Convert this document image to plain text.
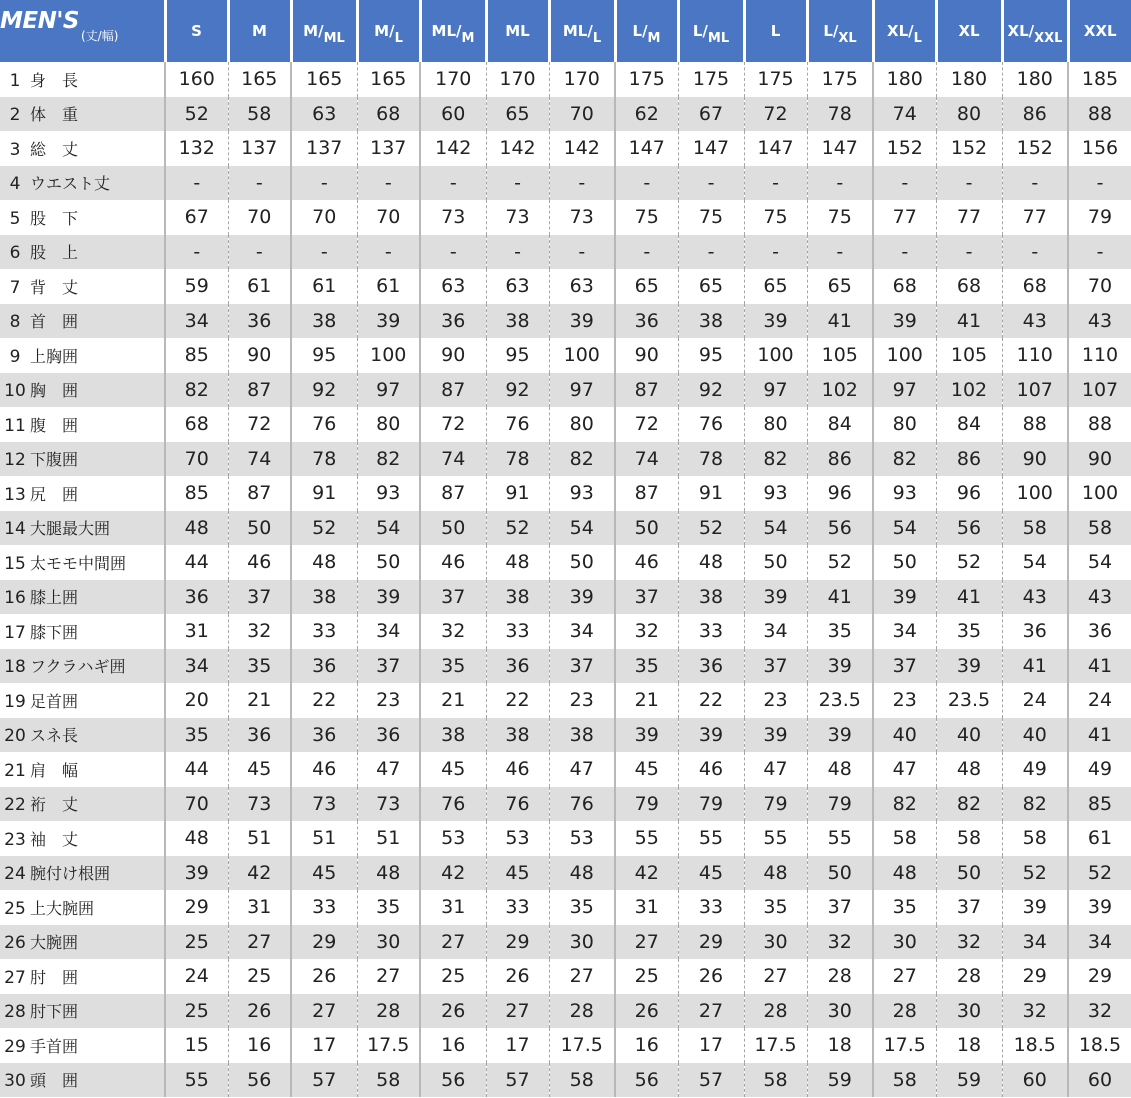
MEN'S(丈/幅)	S	M	M/ML	M/L	ML/M	ML	ML/L	L/M	L/ML	L	L/XL	XL/L	XL	XL/XXL	XXL
1 身　長	160	165	165	165	170	170	170	175	175	175	175	180	180	180	185
2 体　重	52	58	63	68	60	65	70	62	67	72	78	74	80	86	88
3 総　丈	132	137	137	137	142	142	142	147	147	147	147	152	152	152	156
4 ウエスト丈	-	-	-	-	-	-	-	-	-	-	-	-	-	-	-
5 股　下	67	70	70	70	73	73	73	75	75	75	75	77	77	77	79
6 股　上	-	-	-	-	-	-	-	-	-	-	-	-	-	-	-
7 背　丈	59	61	61	61	63	63	63	65	65	65	65	68	68	68	70
8 首　囲	34	36	38	39	36	38	39	36	38	39	41	39	41	43	43
9 上胸囲	85	90	95	100	90	95	100	90	95	100	105	100	105	110	110
10 胸　囲	82	87	92	97	87	92	97	87	92	97	102	97	102	107	107
11 腹　囲	68	72	76	80	72	76	80	72	76	80	84	80	84	88	88
12 下腹囲	70	74	78	82	74	78	82	74	78	82	86	82	86	90	90
13 尻　囲	85	87	91	93	87	91	93	87	91	93	96	93	96	100	100
14 大腿最大囲	48	50	52	54	50	52	54	50	52	54	56	54	56	58	58
15 太モモ中間囲	44	46	48	50	46	48	50	46	48	50	52	50	52	54	54
16 膝上囲	36	37	38	39	37	38	39	37	38	39	41	39	41	43	43
17 膝下囲	31	32	33	34	32	33	34	32	33	34	35	34	35	36	36
18 フクラハギ囲	34	35	36	37	35	36	37	35	36	37	39	37	39	41	41
19 足首囲	20	21	22	23	21	22	23	21	22	23	23.5	23	23.5	24	24
20 スネ長	35	36	36	36	38	38	38	39	39	39	39	40	40	40	41
21 肩　幅	44	45	46	47	45	46	47	45	46	47	48	47	48	49	49
22 裄　丈	70	73	73	73	76	76	76	79	79	79	79	82	82	82	85
23 袖　丈	48	51	51	51	53	53	53	55	55	55	55	58	58	58	61
24 腕付け根囲	39	42	45	48	42	45	48	42	45	48	50	48	50	52	52
25 上大腕囲	29	31	33	35	31	33	35	31	33	35	37	35	37	39	39
26 大腕囲	25	27	29	30	27	29	30	27	29	30	32	30	32	34	34
27 肘　囲	24	25	26	27	25	26	27	25	26	27	28	27	28	29	29
28 肘下囲	25	26	27	28	26	27	28	26	27	28	30	28	30	32	32
29 手首囲	15	16	17	17.5	16	17	17.5	16	17	17.5	18	17.5	18	18.5	18.5
30 頭　囲	55	56	57	58	56	57	58	56	57	58	59	58	59	60	60
